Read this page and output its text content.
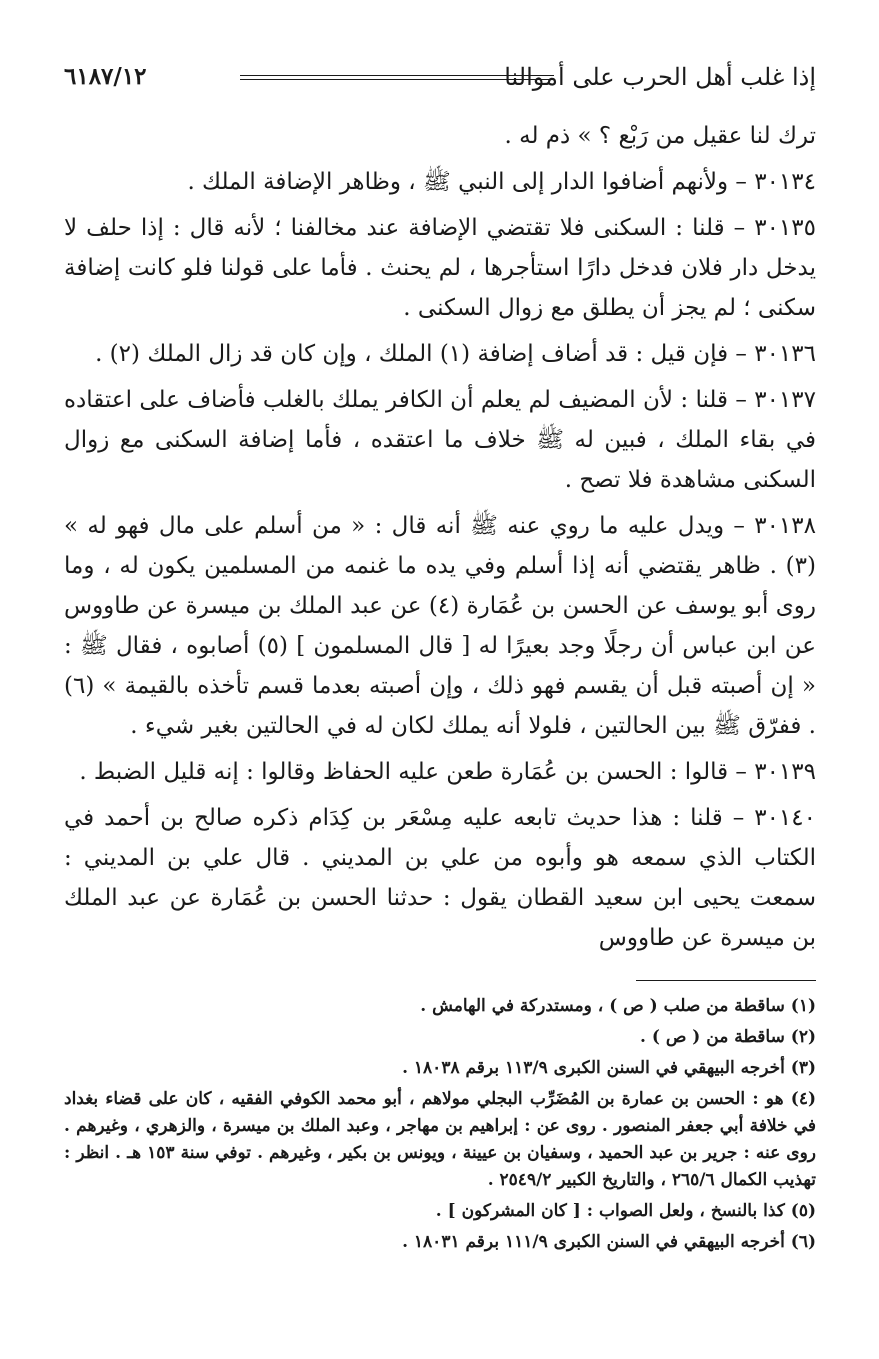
إذا غلب أهل الحرب على أموالنا
٦١٨٧/١٢

ترك لنا عقيل من رَبْع ؟ » ذم له .

٣٠١٣٤ – ولأنهم أضافوا الدار إلى النبي ﷺ ، وظاهر الإضافة الملك .

٣٠١٣٥ – قلنا : السكنى فلا تقتضي الإضافة عند مخالفنا ؛ لأنه قال : إذا حلف لا يدخل دار فلان فدخل دارًا استأجرها ، لم يحنث . فأما على قولنا فلو كانت إضافة سكنى ؛ لم يجز أن يطلق مع زوال السكنى .

٣٠١٣٦ – فإن قيل : قد أضاف إضافة (١) الملك ، وإن كان قد زال الملك (٢) .

٣٠١٣٧ – قلنا : لأن المضيف لم يعلم أن الكافر يملك بالغلب فأضاف على اعتقاده في بقاء الملك ، فبين له ﷺ خلاف ما اعتقده ، فأما إضافة السكنى مع زوال السكنى مشاهدة فلا تصح .

٣٠١٣٨ – ويدل عليه ما روي عنه ﷺ أنه قال : « من أسلم على مال فهو له » (٣) . ظاهر يقتضي أنه إذا أسلم وفي يده ما غنمه من المسلمين يكون له ، وما روى أبو يوسف عن الحسن بن عُمَارة (٤) عن عبد الملك بن ميسرة عن طاووس عن ابن عباس أن رجلًا وجد بعيرًا له [ قال المسلمون ] (٥) أصابوه ، فقال ﷺ : « إن أصبته قبل أن يقسم فهو ذلك ، وإن أصبته بعدما قسم تأخذه بالقيمة » (٦) . ففرّق ﷺ بين الحالتين ، فلولا أنه يملك لكان له في الحالتين بغير شيء .

٣٠١٣٩ – قالوا : الحسن بن عُمَارة طعن عليه الحفاظ وقالوا : إنه قليل الضبط .

٣٠١٤٠ – قلنا : هذا حديث تابعه عليه مِسْعَر بن كِدَام ذكره صالح بن أحمد في الكتاب الذي سمعه هو وأبوه من علي بن المديني . قال علي بن المديني : سمعت يحيى ابن سعيد القطان يقول : حدثنا الحسن بن عُمَارة عن عبد الملك بن ميسرة عن طاووس

(١) ساقطة من صلب ( ص ) ، ومستدركة في الهامش .

(٢) ساقطة من ( ص ) .

(٣) أخرجه البيهقي في السنن الكبرى ١١٣/٩ برقم ١٨٠٣٨ .

(٤) هو : الحسن بن عمارة بن المُضَرِّب البجلي مولاهم ، أبو محمد الكوفي الفقيه ، كان على قضاء بغداد في خلافة أبي جعفر المنصور . روى عن : إبراهيم بن مهاجر ، وعبد الملك بن ميسرة ، والزهري ، وغيرهم . روى عنه : جرير بن عبد الحميد ، وسفيان بن عيينة ، ويونس بن بكير ، وغيرهم . توفي سنة ١٥٣ هـ . انظر : تهذيب الكمال ٢٦٥/٦ ، والتاريخ الكبير ٢٥٤٩/٢ .

(٥) كذا بالنسخ ، ولعل الصواب : [ كان المشركون ] .

(٦) أخرجه البيهقي في السنن الكبرى ١١١/٩ برقم ١٨٠٣١ .
